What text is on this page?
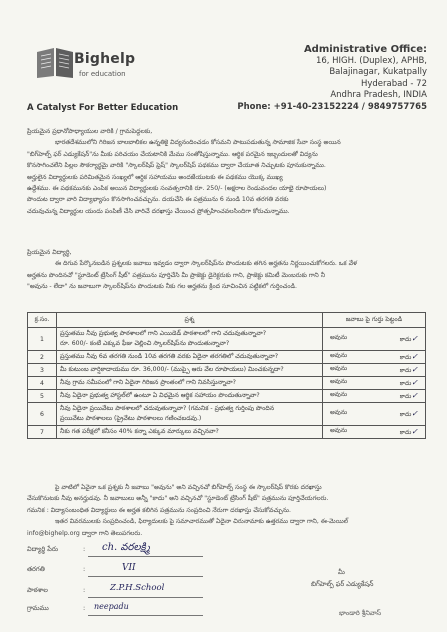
Bighelp
for education
A Catalyst For Better Education
Administrative Office:
16, HIGH. (Duplex), APHB,
Balajinagar, Kukatpally
Hyderabad - 72
Andhra Pradesh, INDIA
Phone: +91-40-23152224 / 9849757765
ప్రియమైన ప్రధానోపాధ్యాయుల వారికి / గ్రామపెద్దలకు,
భారతదేశములోని గిరిజన బాలబాలికల ఉన్నతికై విద్యనందించడం కోసమని పాటుపడుతున్న సామాజిక సేవా సంస్థ అయిన
"బిగ్‌హెల్ప్ ఫర్ ఎడ్యుకేషన్"ను మీకు పరిచయం చేయటానికి మేము సంతోషిస్తున్నాము. ఆర్థిక పరమైన ఇబ్బందులతో విద్యను
కొనసాగించలేని పిల్లల సౌకర్యార్థమై వారికి "స్కాలర్‌షిప్ ఫ్రెష్" స్కాలర్‌షిప్ పథకము ద్వారా చేయూత నిచ్చుటకు పూనుకున్నాము.
అర్హులైన విద్యార్థులకు పరిమితమైన సంఖ్యలో ఆర్థిక సహాయము అందజేయుటకు ఈ పథకము యొక్క ముఖ్య
ఉద్దేశము. ఈ పథకమునకు ఎంపిక అయిన విద్యార్థులకు సంవత్సరానికి రూ. 250/- (అక్షరాల రెండువందల యాభై రూపాయలు)
పొందుట ద్వారా వారి విద్యాభ్యాసం కొనసాగించవచ్చును. దయచేసి ఈ పత్రమును 6 నుండి 10వ తరగతి వరకు
చదువుచున్న విద్యార్థుల యందు పంపిణీ చేసి వారిచే దరఖాస్తు చేయించ ప్రోత్సహించవలసిందిగా కోరుచున్నాము.
ప్రియమైన విద్యార్థి,
ఈ దిగువ పేర్కొనబడిన ప్రశ్నలకు జవాబు ఇవ్వడం ద్వారా స్కాలర్‌షిప్‌ను పొందుటకు తగిన అర్హతను నిర్ణయించుకోగలరు. ఒక వేళ
అర్హతను పొందినచో "స్టూడెంట్ ట్రేసింగ్ షీట్" పత్రమును పూర్తిచేసి మీ ప్రాజెక్టు డైరెక్టరుకు గాని, ప్రాజెక్టు కమిటీ మెంబరుకు గాని నీ
"అవును - లేదా" ను జవాబుగా స్కాలర్‌షిప్‌ను పొందుటకు నీకు గల అర్హతను క్రింద సూచించిన పట్టికలో గుర్తించండి.
క్ర.సం.	ప్రశ్న	జవాబు పై గుర్తు పెట్టండి
1	ప్రస్తుతము నీవు ప్రభుత్వ పాఠశాలలో గాని ఎయిడెడ్ పాఠశాలలో గాని చదువుతున్నావా?
రూ. 600/- కంటే ఎక్కువ ఫీజు చెల్లించి స్కాలర్‌షిప్‌ను పొందుతున్నావా?	అవును కాదు✓

2	ప్రస్తుతము నీవు 6వ తరగతి నుండి 10వ తరగతి వరకు ఏదైనా తరగతిలో చదువుతున్నావా?	అవును కాదు✓

3	మీ కుటుంబ వార్షికాదాయము రూ. 36,000/- (ముప్పై ఆరు వేల రూపాయలు) మించకున్నదా?	అవును కాదు✓

4	నీవు గ్రామ సమీపంలో గాని ఏదైనా గిరిజన ప్రాంతంలో గాని నివసిస్తున్నావా?	అవును కాదు✓

5	నీవు ఏదైనా ప్రభుత్వ హాస్టల్‌లో ఉంటూ ఏ విధమైన ఆర్థిక సహాయం పొందుతున్నావా?	అవును కాదు✓

6	నీవు ఏదైనా ప్రయివేటు పాఠశాలలో చదువుతున్నావా? (గమనిక - ప్రభుత్వ గుర్తింపు పొందిన
ప్రయివేటు పాఠశాలలు (ప్రైవేటు పాఠశాలలు గణించబడవు.)	అవును కాదు✓

7	నీకు గత పరీక్షలో కనీసం 40% కన్నా ఎక్కువ మార్కులు వచ్చినవా?	అవును కాదు✓
పై వాటిలో ఏవైనా ఒక ప్రశ్నకు నీ జవాబు "అవును" అని వచ్చినచో బిగ్‌హెల్ప్ సంస్థ ఈ స్కాలర్‌షిప్ కొరకు దరఖాస్తు
చేసుకొనుటకు నీవు అనర్హుడవు. నీ జవాబులు అన్నీ "కాదు" అని వచ్చినచో "స్టూడెంట్ ట్రేసింగ్ షీట్" పత్రమును పూర్తిచేయగలరు.
గమనిక : విద్యాసంబంధిత విద్యార్థులు ఈ అర్హత కలిగిన పత్రమును సంప్రదించి నేరుగా దరఖాస్తు చేసుకోవచ్చును.
ఇతర వివరములకు సంప్రదించండి, ఫిర్యాదులకు పై సమాచారముతో ఏదైనా చిరునామాకు ఉత్తరము ద్వారా గాని, ఈ-మెయిల్
info@bighelp.org ద్వారా గాని తెలుపగలరు.
విద్యార్థి పేరు	: ch. వరలక్ష్మి
తరగతి	:	VII
పాఠశాల	:	Z.P.H.School
గ్రామము	: neepadu
మీ
బిగ్‌హెల్ప్ ఫర్ ఎడ్యుకేషన్
భాండారి శ్రీనివాస్
